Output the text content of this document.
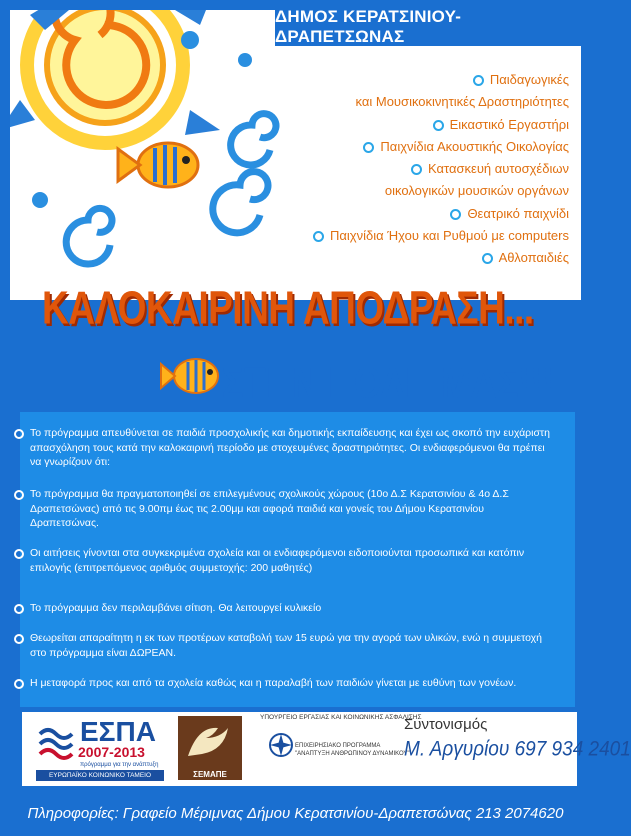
ΔΗΜΟΣ ΚΕΡΑΤΣΙΝΙΟΥ-ΔΡΑΠΕΤΣΩΝΑΣ
Παιδαγωγικές
και Μουσικοκινητικές Δραστηριότητες
Εικαστικό Εργαστήρι
Παιχνίδια Ακουστικής Οικολογίας
Κατασκευή αυτοσχέδιων
οικολογικών μουσικών οργάνων
Θεατρικό παιχνίδι
Παιχνίδια Ήχου και Ρυθμού με computers
Αθλοπαιδιές
ΚΑΛΟΚΑΙΡΙΝΗ ΑΠΟΔΡΑΣΗ...
ΣΤΗΝ ΠΟΛΗ ΜΑΣ!!!
Το πρόγραμμα απευθύνεται σε παιδιά προσχολικής και δημοτικής εκπαίδευσης και έχει ως σκοπό την ευχάριστη απασχόληση τους κατά την καλοκαιρινή περίοδο με στοχευμένες δραστηριότητες. Οι ενδιαφερόμενοι θα πρέπει να γνωρίζουν ότι:
Το πρόγραμμα θα πραγματοποιηθεί σε επιλεγμένους σχολικούς χώρους (10ο Δ.Σ Κερατσινίου & 4ο Δ.Σ Δραπετσώνας) από τις 9.00πμ έως τις 2.00μμ και αφορά παιδιά και γονείς του Δήμου Κερατσινίου Δραπετσώνας.
Οι αιτήσεις γίνονται στα συγκεκριμένα σχολεία και οι ενδιαφερόμενοι ειδοποιούνται προσωπικά και κατόπιν επιλογής (επιτρεπόμενος αριθμός συμμετοχής: 200 μαθητές)
Το πρόγραμμα δεν περιλαμβάνει σίτιση. Θα λειτουργεί κυλικείο
Θεωρείται απαραίτητη η εκ των προτέρων καταβολή των 15 ευρώ για την αγορά των υλικών, ενώ η συμμετοχή στο πρόγραμμα είναι ΔΩΡΕΑΝ.
Η μεταφορά προς και από τα σχολεία καθώς και η παραλαβή των παιδιών γίνεται με ευθύνη των γονέων.
ΕΣΠΑ
2007-2013
πρόγραμμα για την ανάπτυξη
ΕΥΡΩΠΑΪΚΟ ΚΟΙΝΩΝΙΚΟ ΤΑΜΕΙΟ	ΣΕΜΑΠΕ
ΥΠΟΥΡΓΕΙΟ ΕΡΓΑΣΙΑΣ ΚΑΙ ΚΟΙΝΩΝΙΚΗΣ ΑΣΦΑΛΙΣΗΣ
ΕΠΙΧΕΙΡΗΣΙΑΚΟ ΠΡΟΓΡΑΜΜΑ
"ΑΝΑΠΤΥΞΗ ΑΝΘΡΩΠΙΝΟΥ ΔΥΝΑΜΙΚΟΥ"
Συντονισμός
Μ. Αργυρίου 697 934 2401
Πληροφορίες: Γραφείο Μέριμνας Δήμου Κερατσινίου-Δραπετσώνας 213 2074620
